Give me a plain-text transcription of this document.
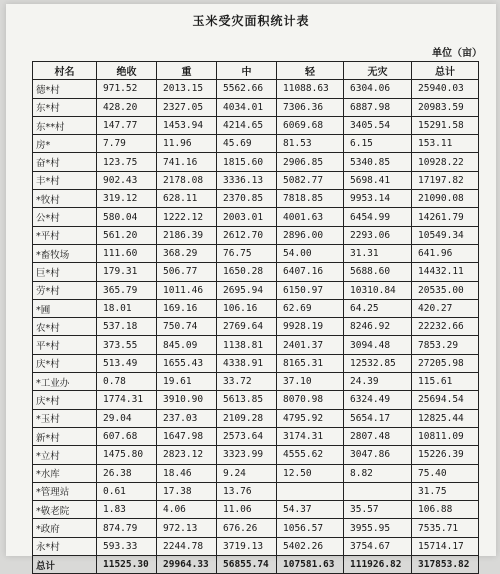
玉米受灾面积统计表
单位（亩）
村名	绝收	重	中	轻	无灾	总计
德*村	971.52	2013.15	5562.66	11088.63	6304.06	25940.03
东*村	428.20	2327.05	4034.01	7306.36	6887.98	20983.59
东**村	147.77	1453.94	4214.65	6069.68	3405.54	15291.58
房*	7.79	11.96	45.69	81.53	6.15	153.11
奋*村	123.75	741.16	1815.60	2906.85	5340.85	10928.22
丰*村	902.43	2178.08	3336.13	5082.77	5698.41	17197.82
*牧村	319.12	628.11	2370.85	7818.85	9953.14	21090.08
公*村	580.04	1222.12	2003.01	4001.63	6454.99	14261.79
*平村	561.20	2186.39	2612.70	2896.00	2293.06	10549.34
*畜牧场	111.60	368.29	76.75	54.00	31.31	641.96
巨*村	179.31	506.77	1650.28	6407.16	5688.60	14432.11
劳*村	365.79	1011.46	2695.94	6150.97	10310.84	20535.00
*圃	18.01	169.16	106.16	62.69	64.25	420.27
农*村	537.18	750.74	2769.64	9928.19	8246.92	22232.66
平*村	373.55	845.09	1138.81	2401.37	3094.48	7853.29
庆*村	513.49	1655.43	4338.91	8165.31	12532.85	27205.98
*工业办	0.78	19.61	33.72	37.10	24.39	115.61
庆*村	1774.31	3910.90	5613.85	8070.98	6324.49	25694.54
*玉村	29.04	237.03	2109.28	4795.92	5654.17	12825.44
新*村	607.68	1647.98	2573.64	3174.31	2807.48	10811.09
*立村	1475.80	2823.12	3323.99	4555.62	3047.86	15226.39
*水库	26.38	18.46	9.24	12.50	8.82	75.40
*管理站	0.61	17.38	13.76			31.75
*敬老院	1.83	4.06	11.06	54.37	35.57	106.88
*政府	874.79	972.13	676.26	1056.57	3955.95	7535.71
永*村	593.33	2244.78	3719.13	5402.26	3754.67	15714.17
总计	11525.30	29964.33	56855.74	107581.63	111926.82	317853.82
